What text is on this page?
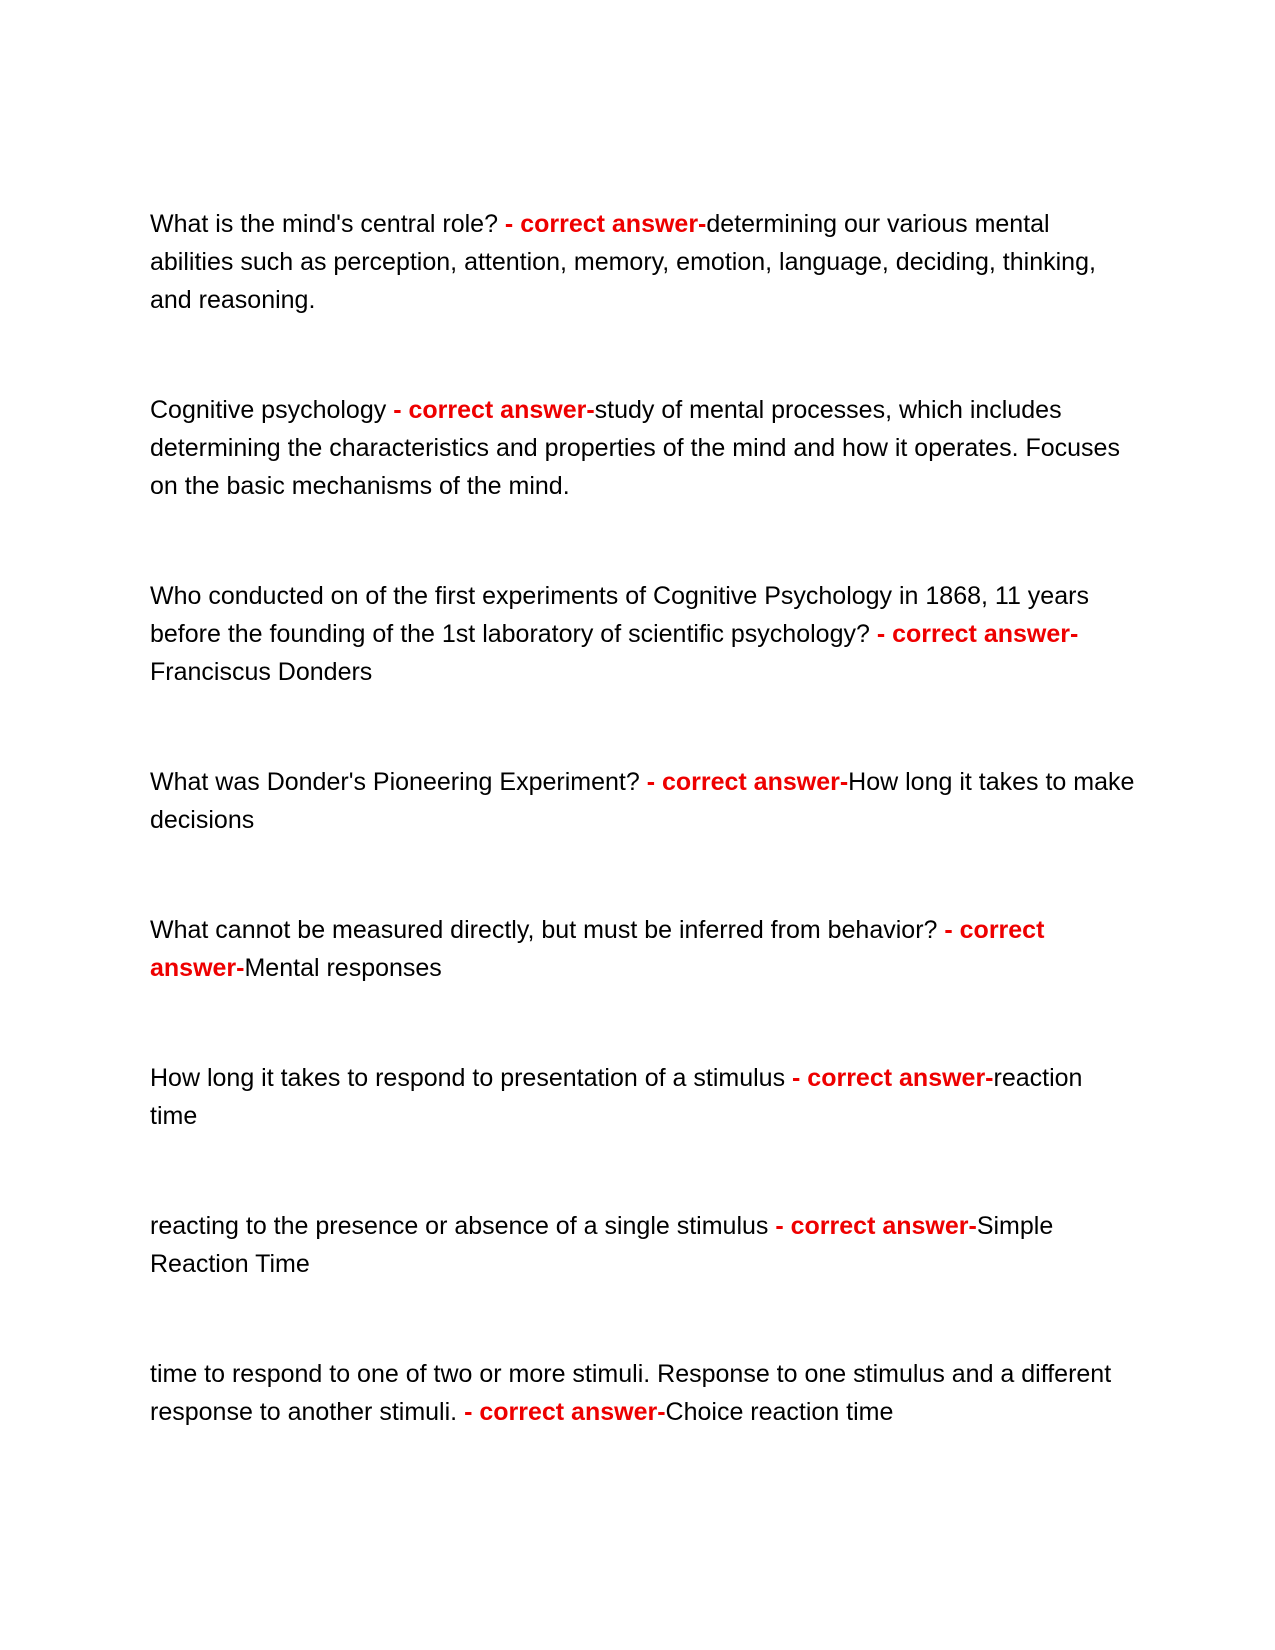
What is the mind's central role? - correct answer-determining our various mental abilities such as perception, attention, memory, emotion, language, deciding, thinking, and reasoning.

Cognitive psychology - correct answer-study of mental processes, which includes determining the characteristics and properties of the mind and how it operates. Focuses on the basic mechanisms of the mind.

Who conducted on of the first experiments of Cognitive Psychology in 1868, 11 years before the founding of the 1st laboratory of scientific psychology? - correct answer-Franciscus Donders

What was Donder's Pioneering Experiment? - correct answer-How long it takes to make decisions

What cannot be measured directly, but must be inferred from behavior? - correct answer-Mental responses

How long it takes to respond to presentation of a stimulus - correct answer-reaction time

reacting to the presence or absence of a single stimulus - correct answer-Simple Reaction Time

time to respond to one of two or more stimuli. Response to one stimulus and a different response to another stimuli. - correct answer-Choice reaction time
